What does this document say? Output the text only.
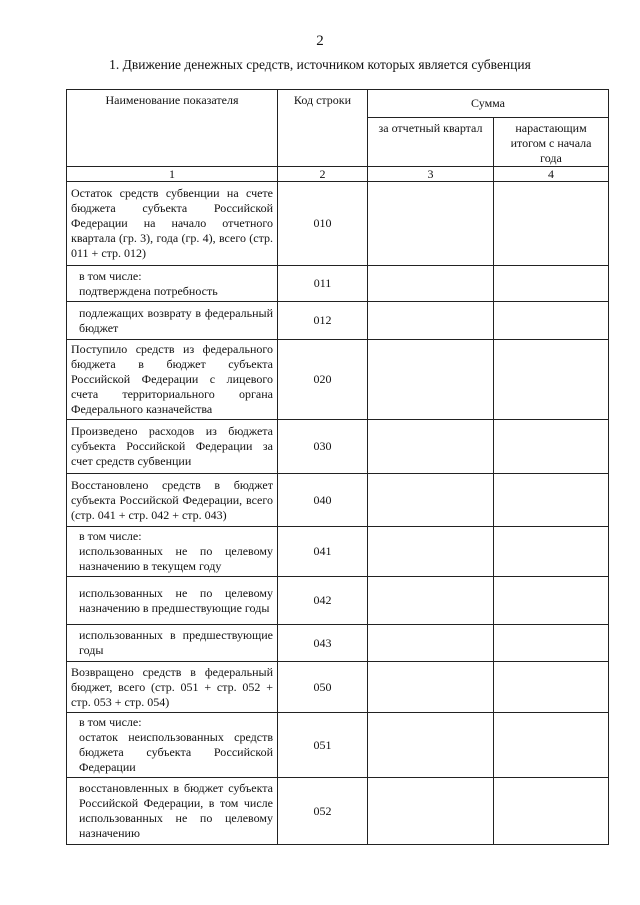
2
1. Движение денежных средств, источником которых является субвенция
Наименование показателя	Код строки	Сумма	
		за отчетный квартал	нарастающим итогом с начала года
1	2	3	4
Остаток средств субвенции на счете бюджета субъекта Российской Федерации на начало отчетного квартала (гр. 3), года (гр. 4), всего (стр. 011 + стр. 012)	010		

в том числе:
подтверждена потребность	011		

подлежащих возврату в федеральный бюджет	012		
Поступило средств из федерального бюджета в бюджет субъекта Российской Федерации с лицевого счета территориального органа Федерального казначейства	020		
Произведено расходов из бюджета субъекта Российской Федерации за счет средств субвенции	030		
Восстановлено средств в бюджет субъекта Российской Федерации, всего (стр. 041 + стр. 042 + стр. 043)	040		

в том числе:
использованных не по целевому назначению в текущем году	041		

использованных не по целевому назначению в предшествующие годы	042		

использованных в предшествующие годы	043		
Возвращено средств в федеральный бюджет, всего (стр. 051 + стр. 052 + стр. 053 + стр. 054)	050		

в том числе:
остаток неиспользованных средств бюджета субъекта Российской Федерации	051		

восстановленных в бюджет субъекта Российской Федерации, в том числе использованных не по целевому назначению	052		
